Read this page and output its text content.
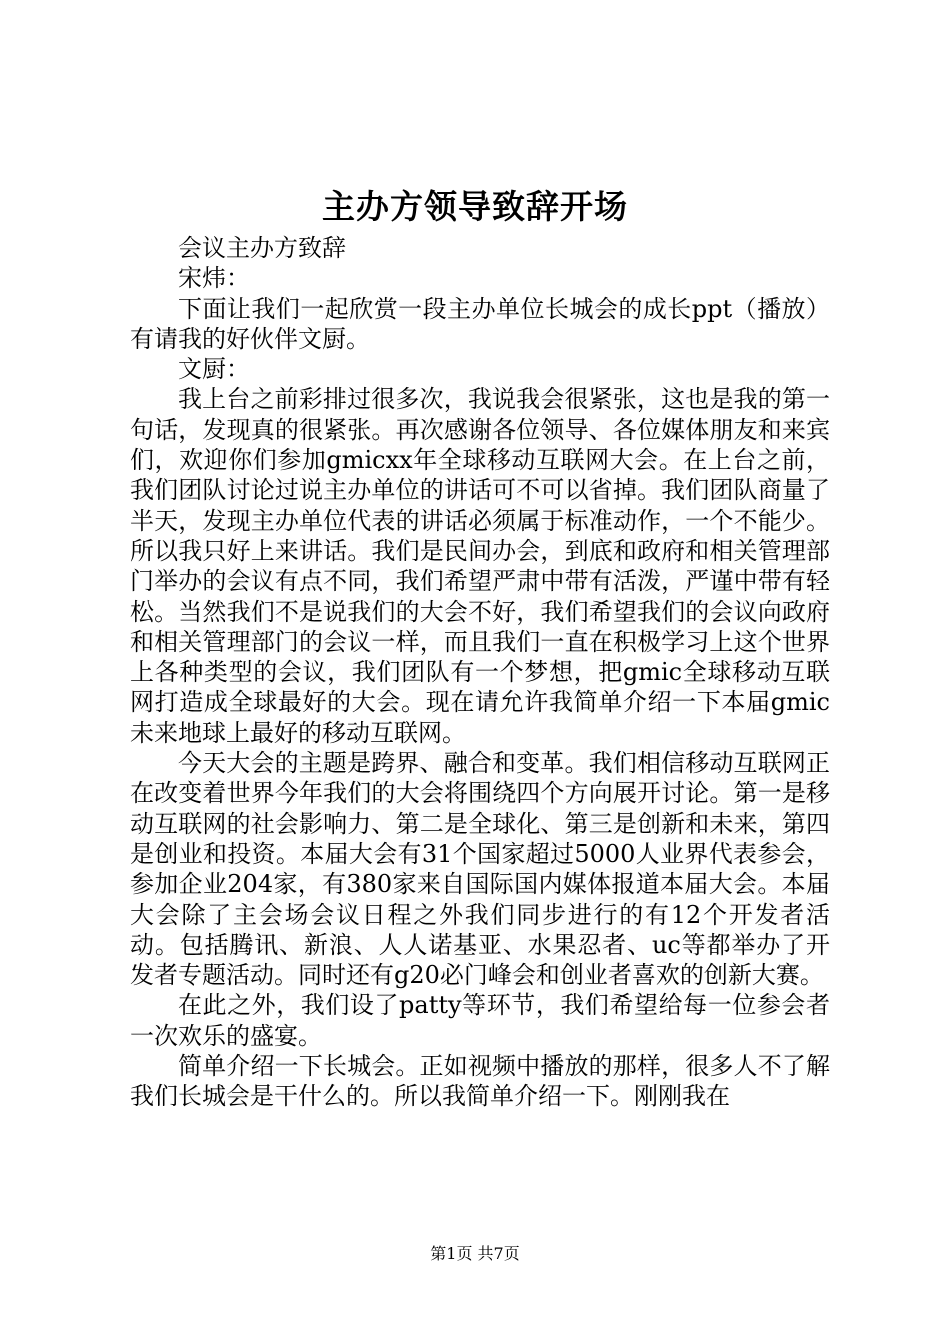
主办方领导致辞开场

会议主办方致辞

宋炜：

下面让我们一起欣赏一段主办单位长城会的成长ppt（播放）有请我的好伙伴文厨。

文厨：

我上台之前彩排过很多次，我说我会很紧张，这也是我的第一句话，发现真的很紧张。再次感谢各位领导、各位媒体朋友和来宾们，欢迎你们参加gmicxx年全球移动互联网大会。在上台之前，我们团队讨论过说主办单位的讲话可不可以省掉。我们团队商量了半天，发现主办单位代表的讲话必须属于标准动作，一个不能少。所以我只好上来讲话。我们是民间办会，到底和政府和相关管理部门举办的会议有点不同，我们希望严肃中带有活泼，严谨中带有轻松。当然我们不是说我们的大会不好，我们希望我们的会议向政府和相关管理部门的会议一样，而且我们一直在积极学习上这个世界上各种类型的会议，我们团队有一个梦想，把gmic全球移动互联网打造成全球最好的大会。现在请允许我简单介绍一下本届gmic未来地球上最好的移动互联网。

今天大会的主题是跨界、融合和变革。我们相信移动互联网正在改变着世界今年我们的大会将围绕四个方向展开讨论。第一是移动互联网的社会影响力、第二是全球化、第三是创新和未来，第四是创业和投资。本届大会有31个国家超过5000人业界代表参会，参加企业204家，有380家来自国际国内媒体报道本届大会。本届大会除了主会场会议日程之外我们同步进行的有12个开发者活动。包括腾讯、新浪、人人诺基亚、水果忍者、uc等都举办了开发者专题活动。同时还有g20必门峰会和创业者喜欢的创新大赛。

在此之外，我们设了patty等环节，我们希望给每一位参会者一次欢乐的盛宴。

简单介绍一下长城会。正如视频中播放的那样，很多人不了解我们长城会是干什么的。所以我简单介绍一下。刚刚我在

第1页 共7页
